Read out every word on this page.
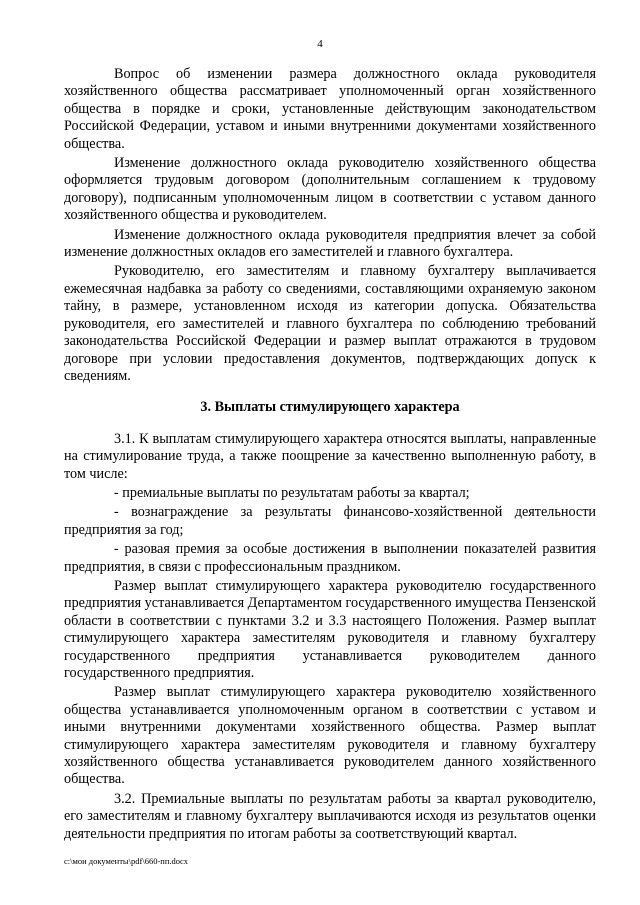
4

Вопрос об изменении размера должностного оклада руководителя хозяйственного общества рассматривает уполномоченный орган хозяйственного общества в порядке и сроки, установленные действующим законодательством Российской Федерации, уставом и иными внутренними документами хозяйственного общества.

Изменение должностного оклада руководителю хозяйственного общества оформляется трудовым договором (дополнительным соглашением к трудовому договору), подписанным уполномоченным лицом в соответствии с уставом данного хозяйственного общества и руководителем.

Изменение должностного оклада руководителя предприятия влечет за собой изменение должностных окладов его заместителей и главного бухгалтера.

Руководителю, его заместителям и главному бухгалтеру выплачивается ежемесячная надбавка за работу со сведениями, составляющими охраняемую законом тайну, в размере, установленном исходя из категории допуска. Обязательства руководителя, его заместителей и главного бухгалтера по соблюдению требований законодательства Российской Федерации и размер выплат отражаются в трудовом договоре при условии предоставления документов, подтверждающих допуск к сведениям.

3. Выплаты стимулирующего характера

3.1. К выплатам стимулирующего характера относятся выплаты, направленные на стимулирование труда, а также поощрение за качественно выполненную работу, в том числе:

- премиальные выплаты по результатам работы за квартал;

- вознаграждение за результаты финансово-хозяйственной деятельности предприятия за год;

- разовая премия за особые достижения в выполнении показателей развития предприятия, в связи с профессиональным праздником.

Размер выплат стимулирующего характера руководителю государственного предприятия устанавливается Департаментом государственного имущества Пензенской области в соответствии с пунктами 3.2 и 3.3 настоящего Положения. Размер выплат стимулирующего характера заместителям руководителя и главному бухгалтеру государственного предприятия устанавливается руководителем данного государственного предприятия.

Размер выплат стимулирующего характера руководителю хозяйственного общества устанавливается уполномоченным органом в соответствии с уставом и иными внутренними документами хозяйственного общества. Размер выплат стимулирующего характера заместителям руководителя и главному бухгалтеру хозяйственного общества устанавливается руководителем данного хозяйственного общества.

3.2. Премиальные выплаты по результатам работы за квартал руководителю, его заместителям и главному бухгалтеру выплачиваются исходя из результатов оценки деятельности предприятия по итогам работы за соответствующий квартал.

c:\мои документы\pdf\660-пп.docx
